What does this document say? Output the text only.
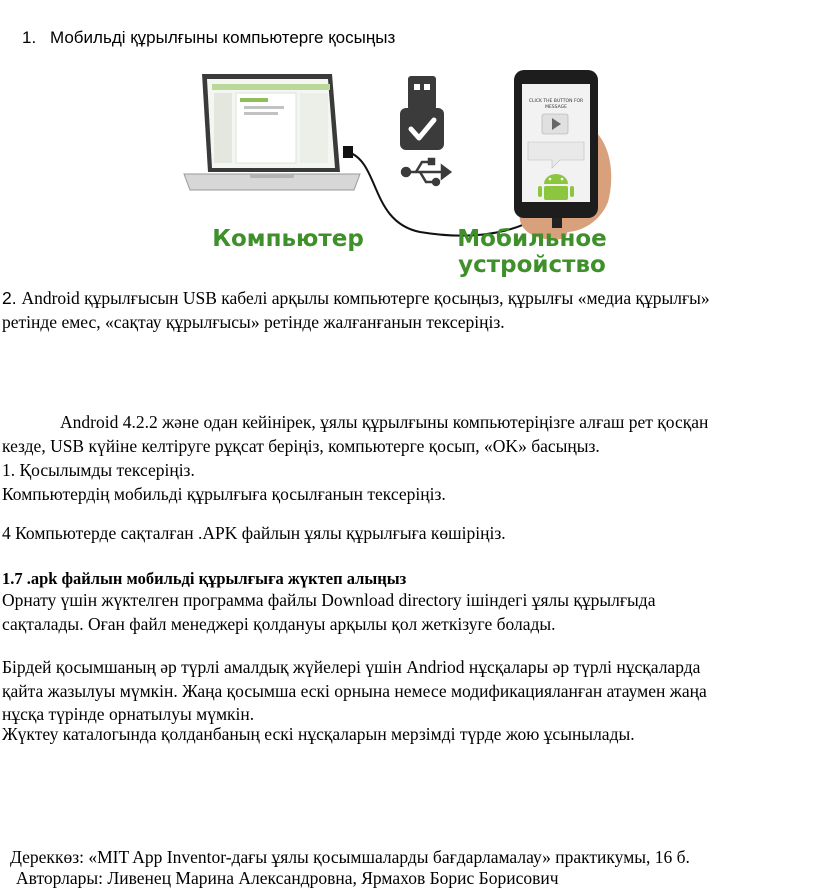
1. Мобильді құрылғыны компьютерге қосыңыз
CLICK THE BUTTON FOR
MESSAGE
Компьютер	Мобильное
устройство
2. Android құрылғысын USB кабелі арқылы компьютерге қосыңыз, құрылғы «медиа құрылғы»
ретінде емес, «сақтау құрылғысы» ретінде жалғанғанын тексеріңіз.
Android 4.2.2 және одан кейінірек, ұялы құрылғыны компьютеріңізге алғаш рет қосқан
кезде, USB күйіне келтіруге рұқсат беріңіз, компьютерге қосып, «OK» басыңыз.
1. Қосылымды тексеріңіз.
Компьютердің мобильді құрылғыға қосылғанын тексеріңіз.
4 Компьютерде сақталған .APK файлын ұялы құрылғыға көшіріңіз.
1.7 .apk файлын мобильді құрылғыға жүктеп алыңыз
Орнату үшін жүктелген программа файлы Download directory ішіндегі ұялы құрылғыда
сақталады. Оған файл менеджері қолдануы арқылы қол жеткізуге болады.
Бірдей қосымшаның әр түрлі амалдық жүйелері үшін Andriod нұсқалары әр түрлі нұсқаларда
қайта жазылуы мүмкін. Жаңа қосымша ескі орнына немесе модификацияланған атаумен жаңа
нұсқа түрінде орнатылуы мүмкін.
Жүктеу каталогында қолданбаның ескі нұсқаларын мерзімді түрде жою ұсынылады.
Дереккөз: «MIT App Inventor-дағы ұялы қосымшаларды бағдарламалау» практикумы, 16 б.
Авторлары: Ливенец Марина Александровна, Ярмахов Борис Борисович
